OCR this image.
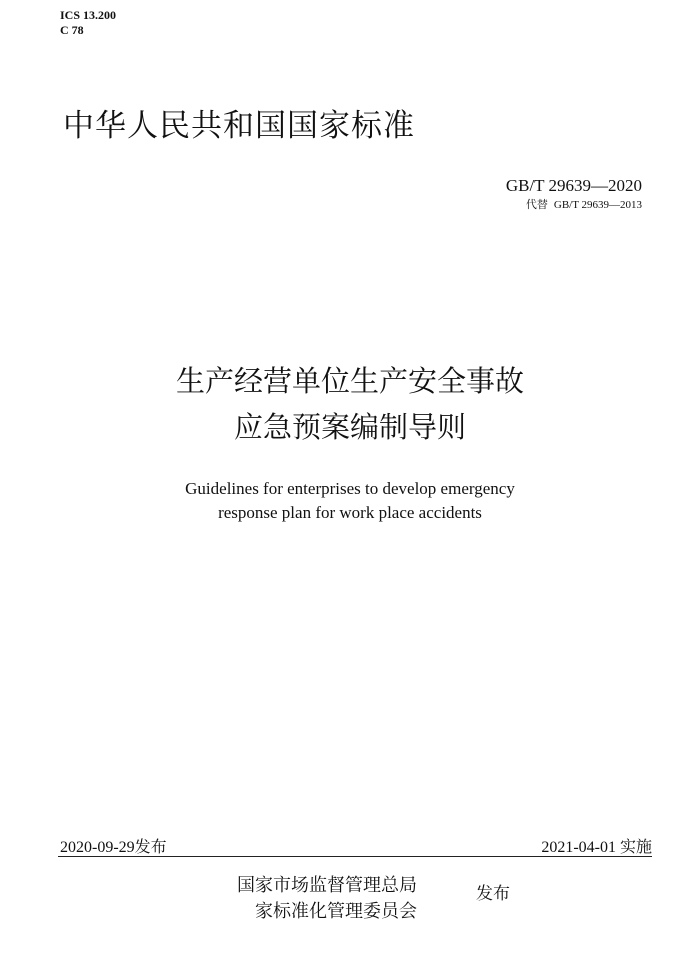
ICS 13.200
C 78
中华人民共和国国家标准
GB/T 29639—2020
代替 GB/T 29639—2013
生产经营单位生产安全事故
应急预案编制导则
Guidelines for enterprises to develop emergency
response plan for work place accidents
2020-09-29发布	2021-04-01 实施
国家市场监督管理总局
家标准化管理委员会
发布
